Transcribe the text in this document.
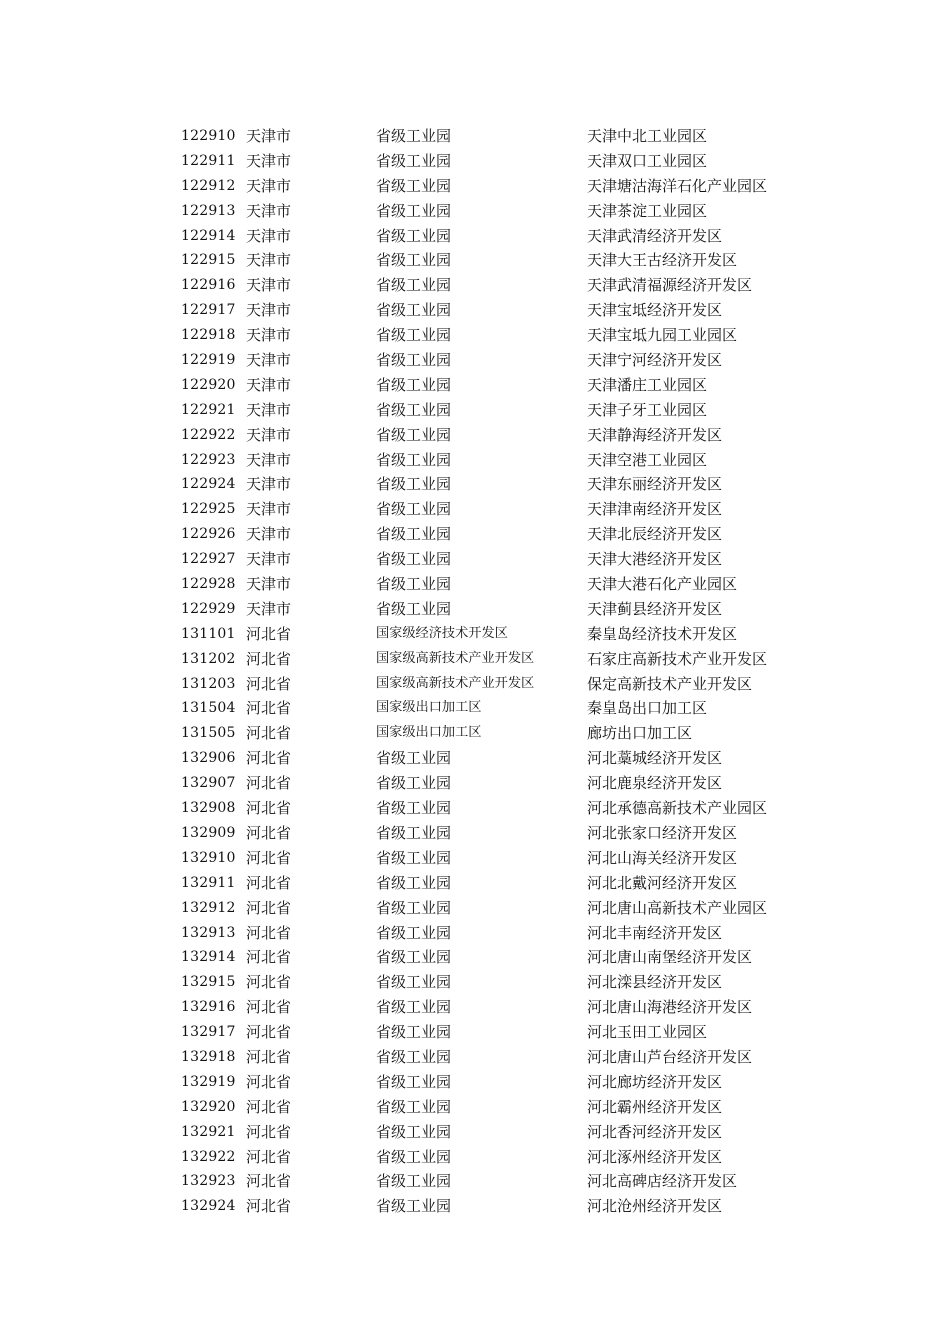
122910 天津市	省级工业园	天津中北工业园区
122911 天津市	省级工业园	天津双口工业园区
122912 天津市	省级工业园	天津塘沽海洋石化产业园区
122913 天津市	省级工业园	天津茶淀工业园区
122914 天津市	省级工业园	天津武清经济开发区
122915 天津市	省级工业园	天津大王古经济开发区
122916 天津市	省级工业园	天津武清福源经济开发区
122917 天津市	省级工业园	天津宝坻经济开发区
122918 天津市	省级工业园	天津宝坻九园工业园区
122919 天津市	省级工业园	天津宁河经济开发区
122920 天津市	省级工业园	天津潘庄工业园区
122921 天津市	省级工业园	天津子牙工业园区
122922 天津市	省级工业园	天津静海经济开发区
122923 天津市	省级工业园	天津空港工业园区
122924 天津市	省级工业园	天津东丽经济开发区
122925 天津市	省级工业园	天津津南经济开发区
122926 天津市	省级工业园	天津北辰经济开发区
122927 天津市	省级工业园	天津大港经济开发区
122928 天津市	省级工业园	天津大港石化产业园区
122929 天津市	省级工业园	天津蓟县经济开发区
131101 河北省	国家级经济技术开发区	秦皇岛经济技术开发区
131202 河北省	国家级高新技术产业开发区	石家庄高新技术产业开发区
131203 河北省	国家级高新技术产业开发区	保定高新技术产业开发区
131504 河北省	国家级出口加工区	秦皇岛出口加工区
131505 河北省	国家级出口加工区	廊坊出口加工区
132906 河北省	省级工业园	河北藁城经济开发区
132907 河北省	省级工业园	河北鹿泉经济开发区
132908 河北省	省级工业园	河北承德高新技术产业园区
132909 河北省	省级工业园	河北张家口经济开发区
132910 河北省	省级工业园	河北山海关经济开发区
132911 河北省	省级工业园	河北北戴河经济开发区
132912 河北省	省级工业园	河北唐山高新技术产业园区
132913 河北省	省级工业园	河北丰南经济开发区
132914 河北省	省级工业园	河北唐山南堡经济开发区
132915 河北省	省级工业园	河北滦县经济开发区
132916 河北省	省级工业园	河北唐山海港经济开发区
132917 河北省	省级工业园	河北玉田工业园区
132918 河北省	省级工业园	河北唐山芦台经济开发区
132919 河北省	省级工业园	河北廊坊经济开发区
132920 河北省	省级工业园	河北霸州经济开发区
132921 河北省	省级工业园	河北香河经济开发区
132922 河北省	省级工业园	河北涿州经济开发区
132923 河北省	省级工业园	河北高碑店经济开发区
132924 河北省	省级工业园	河北沧州经济开发区
